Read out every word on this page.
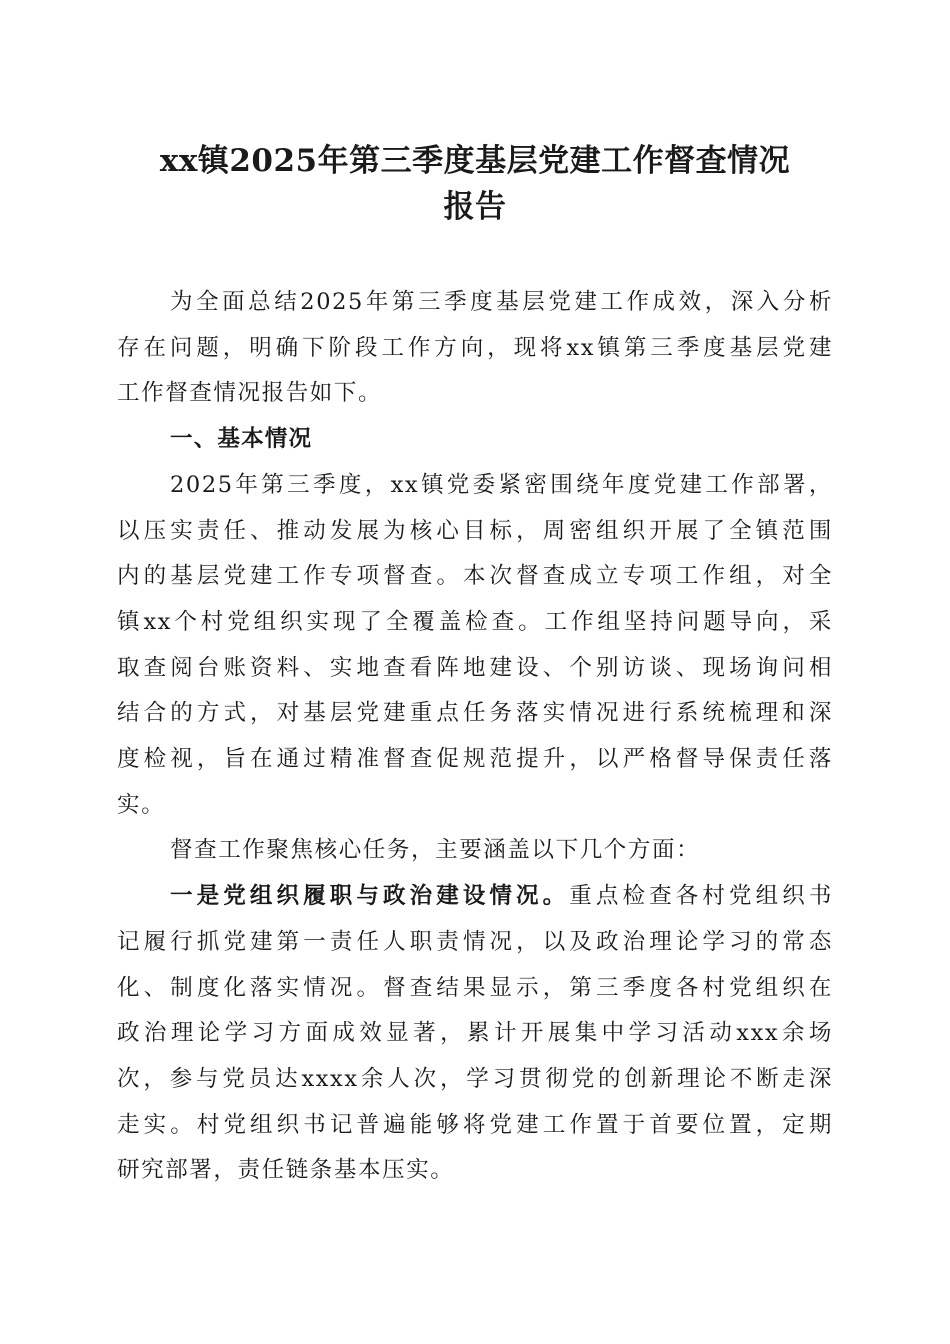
xx镇2025年第三季度基层党建工作督查情况
报告
为全面总结2025年第三季度基层党建工作成效，深入分析
存在问题，明确下阶段工作方向，现将xx镇第三季度基层党建
工作督查情况报告如下。
一、基本情况
2025年第三季度，xx镇党委紧密围绕年度党建工作部署，
以压实责任、推动发展为核心目标，周密组织开展了全镇范围
内的基层党建工作专项督查。本次督查成立专项工作组，对全
镇xx个村党组织实现了全覆盖检查。工作组坚持问题导向，采
取查阅台账资料、实地查看阵地建设、个别访谈、现场询问相
结合的方式，对基层党建重点任务落实情况进行系统梳理和深
度检视，旨在通过精准督查促规范提升，以严格督导保责任落
实。
督查工作聚焦核心任务，主要涵盖以下几个方面：
一是党组织履职与政治建设情况。重点检查各村党组织书
记履行抓党建第一责任人职责情况，以及政治理论学习的常态
化、制度化落实情况。督查结果显示，第三季度各村党组织在
政治理论学习方面成效显著，累计开展集中学习活动xxx余场
次，参与党员达xxxx余人次，学习贯彻党的创新理论不断走深
走实。村党组织书记普遍能够将党建工作置于首要位置，定期
研究部署，责任链条基本压实。
